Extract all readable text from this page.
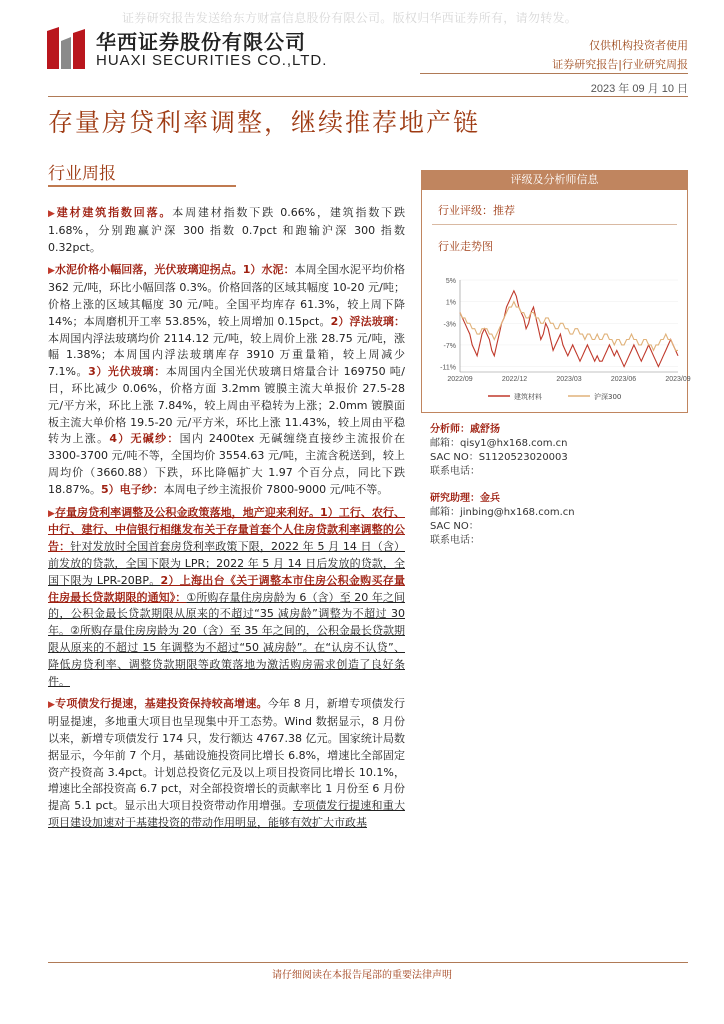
证券研究报告发送给东方财富信息股份有限公司。版权归华西证券所有，请勿转发。
华西证券股份有限公司
HUAXI SECURITIES CO.,LTD.
仅供机构投资者使用
证券研究报告|行业研究周报
2023 年 09 月 10 日
存量房贷利率调整，继续推荐地产链
行业周报

▶建材建筑指数回落。本周建材指数下跌 0.66%，建筑指数下跌 1.68%，分别跑赢沪深 300 指数 0.7pct 和跑输沪深 300 指数 0.32pct。

▶水泥价格小幅回落，光伏玻璃迎拐点。1）水泥：本周全国水泥平均价格 362 元/吨，环比小幅回落 0.3%。价格回落的区域其幅度 10-20 元/吨；价格上涨的区域其幅度 30 元/吨。全国平均库存 61.3%，较上周下降 14%；本周磨机开工率 53.85%，较上周增加 0.15pct。2）浮法玻璃：本周国内浮法玻璃均价 2114.12 元/吨，较上周价上涨 28.75 元/吨，涨幅 1.38%；本周国内浮法玻璃库存 3910 万重量箱，较上周减少 7.1%。3）光伏玻璃：本周国内全国光伏玻璃日熔量合计 169750 吨/日，环比减少 0.06%，价格方面 3.2mm 镀膜主流大单报价 27.5-28 元/平方米，环比上涨 7.84%，较上周由平稳转为上涨；2.0mm 镀膜面板主流大单价格 19.5-20 元/平方米，环比上涨 11.43%，较上周由平稳转为上涨。4）无碱纱：国内 2400tex 无碱缠绕直接纱主流报价在 3300-3700 元/吨不等，全国均价 3554.63 元/吨，主流含税送到，较上周均价（3660.88）下跌，环比降幅扩大 1.97 个百分点，同比下跌 18.87%。5）电子纱：本周电子纱主流报价 7800-9000 元/吨不等。

▶存量房贷利率调整及公积金政策落地，地产迎来利好。1）工行、农行、中行、建行、中信银行相继发布关于存量首套个人住房贷款利率调整的公告：针对发放时全国首套房贷利率政策下限，2022 年 5 月 14 日（含）前发放的贷款，全国下限为 LPR；2022 年 5 月 14 日后发放的贷款，全国下限为 LPR-20BP。2）上海出台《关于调整本市住房公积金购买存量住房最长贷款期限的通知》：①所购存量住房房龄为 6（含）至 20 年之间的，公积金最长贷款期限从原来的不超过“35 减房龄”调整为不超过 30 年。②所购存量住房房龄为 20（含）至 35 年之间的，公积金最长贷款期限从原来的不超过 15 年调整为不超过“50 减房龄”。在“认房不认贷”、降低房贷利率、调整贷款期限等政策落地为激活购房需求创造了良好条件。

▶专项债发行提速，基建投资保持较高增速。今年 8 月，新增专项债发行明显提速，多地重大项目也呈现集中开工态势。Wind 数据显示，8 月份以来，新增专项债发行 174 只，发行额达 4767.38 亿元。国家统计局数据显示，今年前 7 个月，基础设施投资同比增长 6.8%，增速比全部固定资产投资高 3.4pct。计划总投资亿元及以上项目投资同比增长 10.1%，增速比全部投资高 6.7 pct，对全部投资增长的贡献率比 1 月份至 6 月份提高 5.1 pct。显示出大项目投资带动作用增强。专项债发行提速和重大项目建设加速对于基建投资的带动作用明显，能够有效扩大市政基

评级及分析师信息
行业评级：推荐
行业走势图
5%
1%
-3%
-7%
-11%
2022/09	2022/12	2023/03	2023/06	2023/09
建筑材料	沪深300
分析师：戚舒扬
邮箱：qisy1@hx168.com.cn
SAC NO：S1120523020003
联系电话：
研究助理：金兵
邮箱：jinbing@hx168.com.cn
SAC NO：
联系电话：
请仔细阅读在本报告尾部的重要法律声明
